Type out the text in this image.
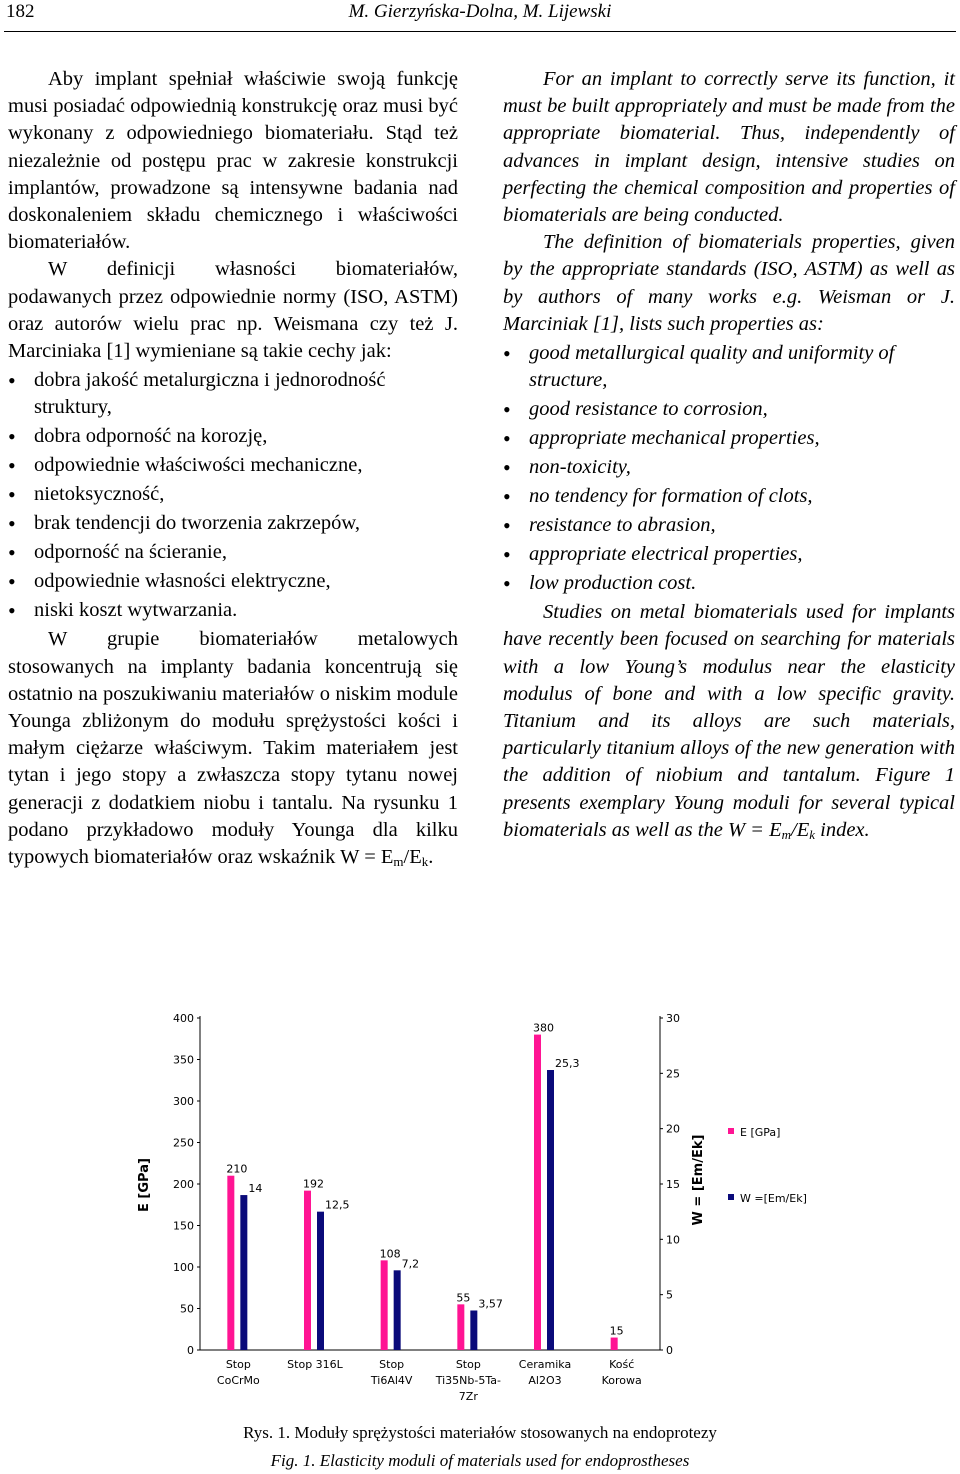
182	M. Gierzyńska-Dolna, M. Lijewski

Aby implant spełniał właściwie swoją funkcję musi posiadać odpowiednią konstrukcję oraz musi być wykonany z odpowiedniego biomateriału. Stąd też niezależnie od postępu prac w zakresie konstrukcji implantów, prowadzone są intensywne badania nad doskonaleniem składu chemicznego i właściwości biomateriałów.

W definicji własności biomateriałów, podawanych przez odpowiednie normy (ISO, ASTM) oraz autorów wielu prac np. Weismana czy też J. Marciniaka [1] wymieniane są takie cechy jak:

• dobra jakość metalurgiczna i jednorodność struktury,
• dobra odporność na korozję,
• odpowiednie właściwości mechaniczne,
• nietoksyczność,
• brak tendencji do tworzenia zakrzepów,
• odporność na ścieranie,
• odpowiednie własności elektryczne,
• niski koszt wytwarzania.

W grupie biomateriałów metalowych stosowanych na implanty badania koncentrują się ostatnio na poszukiwaniu materiałów o niskim module Younga zbliżonym do modułu sprężystości kości i małym ciężarze właściwym. Takim materiałem jest tytan i jego stopy a zwłaszcza stopy tytanu nowej generacji z dodatkiem niobu i tantalu. Na rysunku 1 podano przykładowo moduły Younga dla kilku typowych biomateriałów oraz wskaźnik $W = E_m/E_k$.

For an implant to correctly serve its function, it must be built appropriately and must be made from the appropriate biomaterial. Thus, independently of advances in implant design, intensive studies on perfecting the chemical composition and properties of biomaterials are being conducted.

The definition of biomaterials properties, given by the appropriate standards (ISO, ASTM) as well as by authors of many works e.g. Weisman or J. Marciniak [1], lists such properties as:

• good metallurgical quality and uniformity of structure,
• good resistance to corrosion,
• appropriate mechanical properties,
• non-toxicity,
• no tendency for formation of clots,
• resistance to abrasion,
• appropriate electrical properties,
• low production cost.

Studies on metal biomaterials used for implants have recently been focused on searching for materials with a low Young’s modulus near the elasticity modulus of bone and with a low specific gravity. Titanium and its alloys are such materials, particularly titanium alloys of the new generation with the addition of niobium and tantalum. Figure 1 presents exemplary Young moduli for several typical biomaterials as well as the $W = E_m/E_k$ index.

0
50
100
150
200
250
300
350
400
0
5
10
15
20
25
30
E [GPa]	W = [Em/Ek]
210
14
Stop
CoCrMo
192
12,5
Stop 316L
108
7,2
Stop
Ti6Al4V
55 3,57
Stop
Ti35Nb-5Ta-
7Zr
380
25,3
Ceramika
Al2O3
15
Kość
Korowa
E [GPa]
W =[Em/Ek]
Rys. 1. Moduły sprężystości materiałów stosowanych na endoprotezy
Fig. 1. Elasticity moduli of materials used for endoprostheses
